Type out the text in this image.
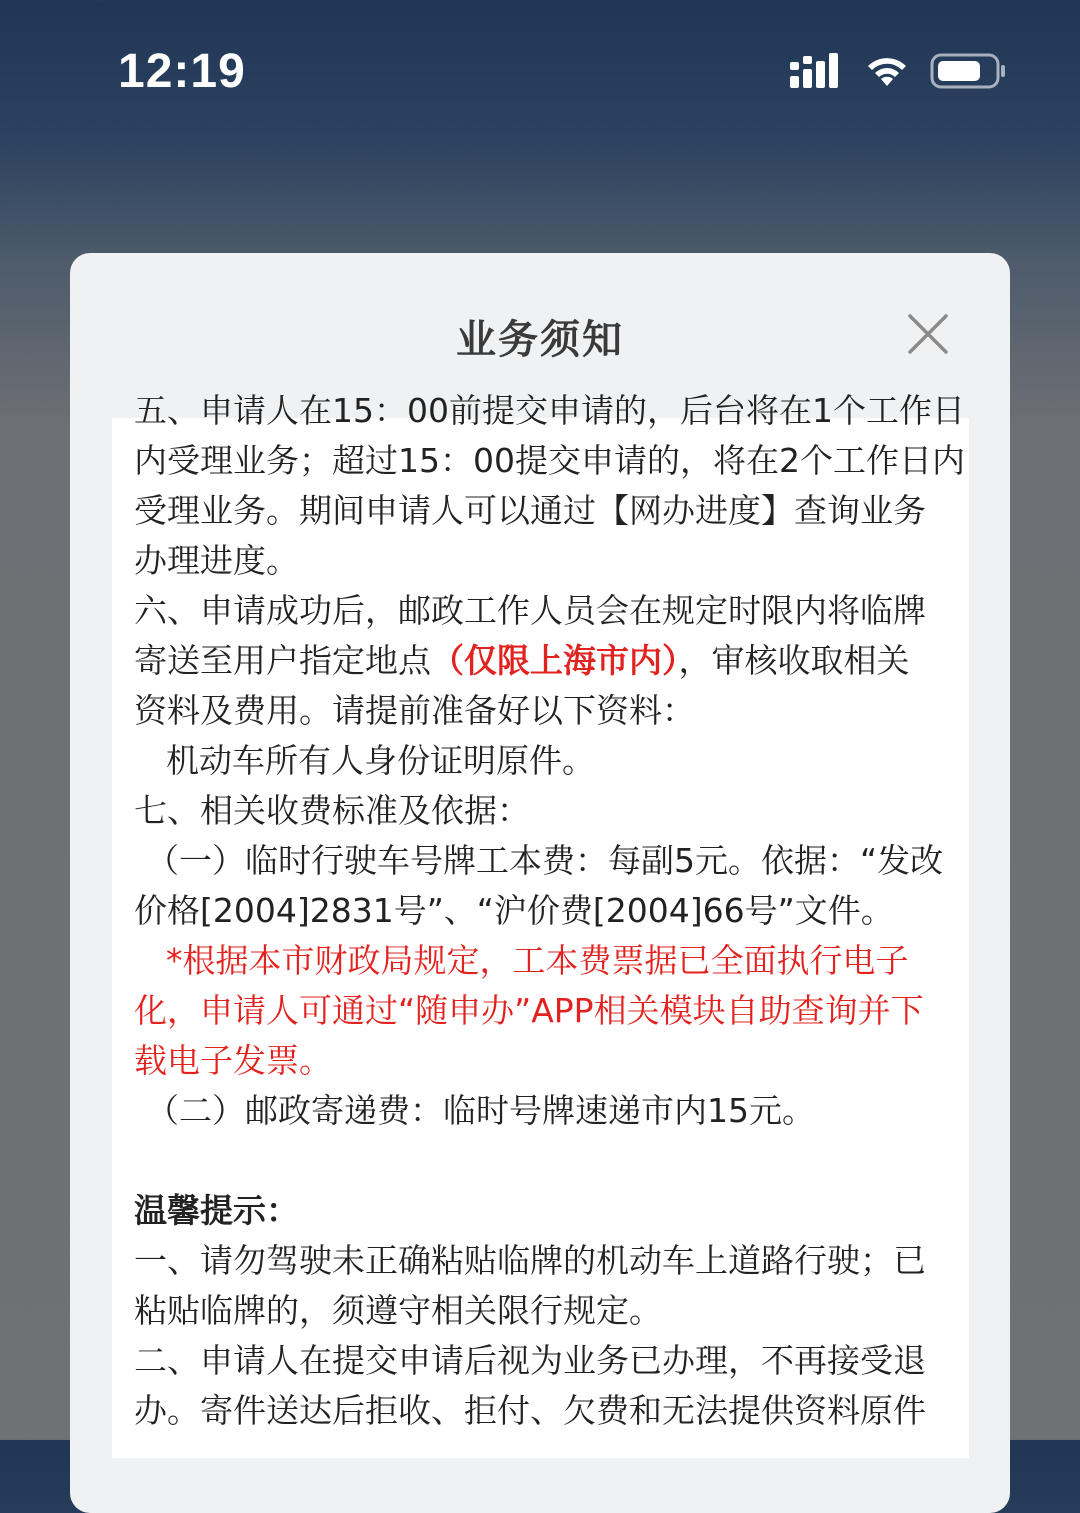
12:19
业务须知

五、申请人在15：00前提交申请的，后台将在1个工作日

内受理业务；超过15：00提交申请的，将在2个工作日内

受理业务。期间申请人可以通过【网办进度】查询业务

办理进度。

六、申请成功后，邮政工作人员会在规定时限内将临牌

寄送至用户指定地点（仅限上海市内），审核收取相关

资料及费用。请提前准备好以下资料：

机动车所有人身份证明原件。

七、相关收费标准及依据：

（一）临时行驶车号牌工本费：每副5元。依据：“发改

价格[2004]2831号”、“沪价费[2004]66号”文件。

*根据本市财政局规定，工本费票据已全面执行电子

化，申请人可通过“随申办”APP相关模块自助查询并下

载电子发票。

（二）邮政寄递费：临时号牌速递市内15元。

温馨提示：

一、请勿驾驶未正确粘贴临牌的机动车上道路行驶；已

粘贴临牌的，须遵守相关限行规定。

二、申请人在提交申请后视为业务已办理，不再接受退

办。寄件送达后拒收、拒付、欠费和无法提供资料原件
